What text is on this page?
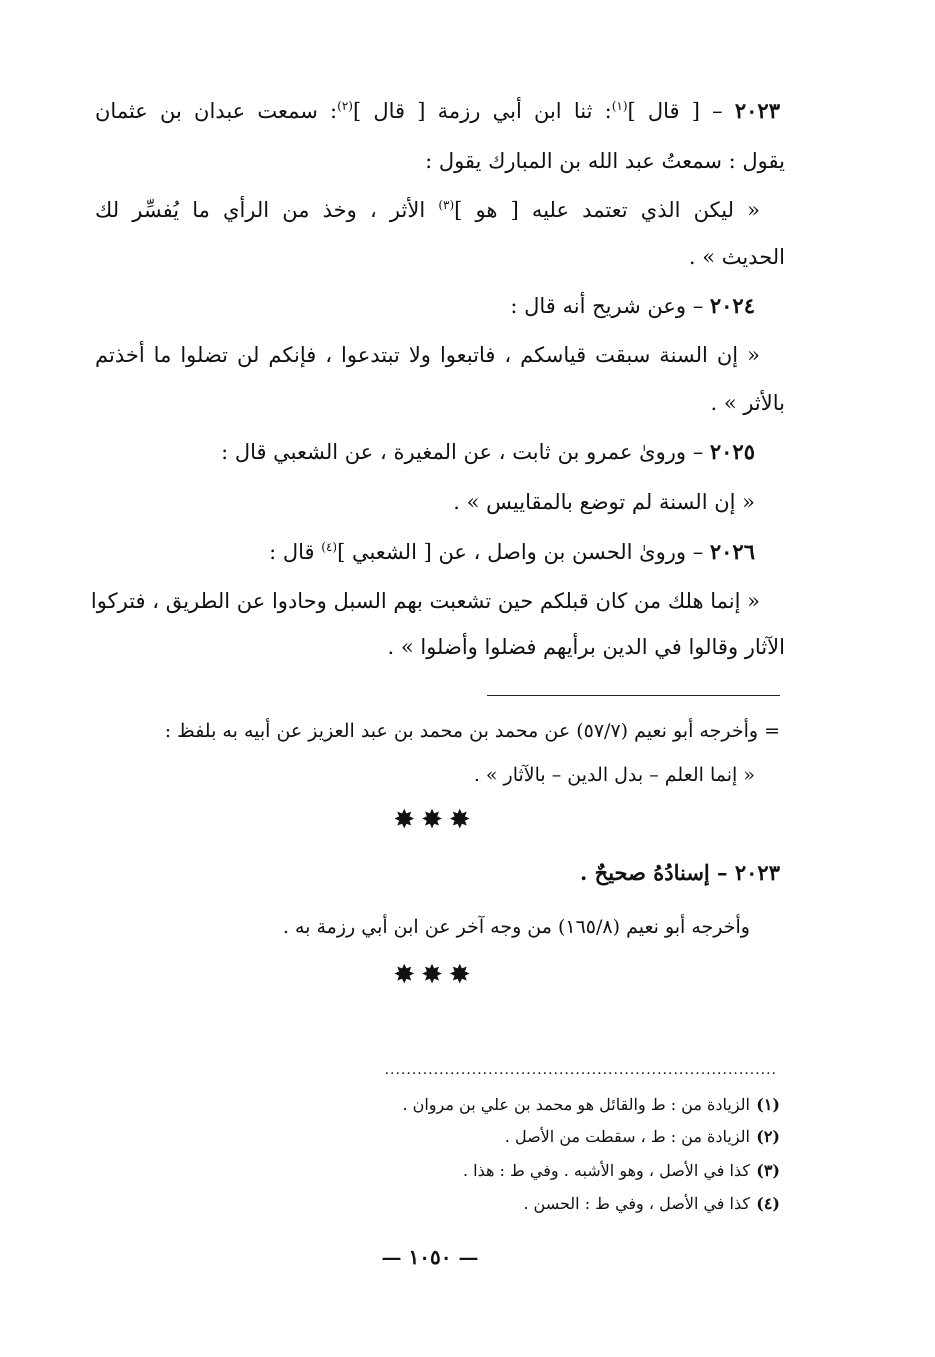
٢٠٢٣ – [ قال ]$^{(١)}$: ثنا ابن أبي رزمة [ قال ]$^{(٢)}$: سمعت عبدان بن عثمان
يقول : سمعتُ عبد الله بن المبارك يقول :
« ليكن الذي تعتمد عليه [ هو ]$^{(٣)}$ الأثر ، وخذ من الرأي ما يُفسِّر لك
الحديث » .
٢٠٢٤ – وعن شريح أنه قال :
« إن السنة سبقت قياسكم ، فاتبعوا ولا تبتدعوا ، فإنكم لن تضلوا ما أخذتم
بالأثر » .
٢٠٢٥ – وروىٰ عمرو بن ثابت ، عن المغيرة ، عن الشعبي قال :
« إن السنة لم توضع بالمقاييس » .
٢٠٢٦ – وروىٰ الحسن بن واصل ، عن [ الشعبي ]$^{(٤)}$ قال :
« إنما هلك من كان قبلكم حين تشعبت بهم السبل وحادوا عن الطريق ، فتركوا
الآثار وقالوا في الدين برأيهم فضلوا وأضلوا » .
= وأخرجه أبو نعيم (٥٧/٧) عن محمد بن محمد بن عبد العزيز عن أبيه به بلفظ :
« إنما العلم – بدل الدين – بالآثار » .
✸✸✸
٢٠٢٣ – إسنادُهُ صحيحٌ .
وأخرجه أبو نعيم (١٦٥/٨) من وجه آخر عن ابن أبي رزمة به .
✸✸✸
........................................................................
(١)الزيادة من : ط والقائل هو محمد بن علي بن مروان .
(٢)الزيادة من : ط ، سقطت من الأصل .
(٣)كذا في الأصل ، وهو الأشبه . وفي ط : هذا .
(٤)كذا في الأصل ، وفي ط : الحسن .
— ١٠٥٠ —
